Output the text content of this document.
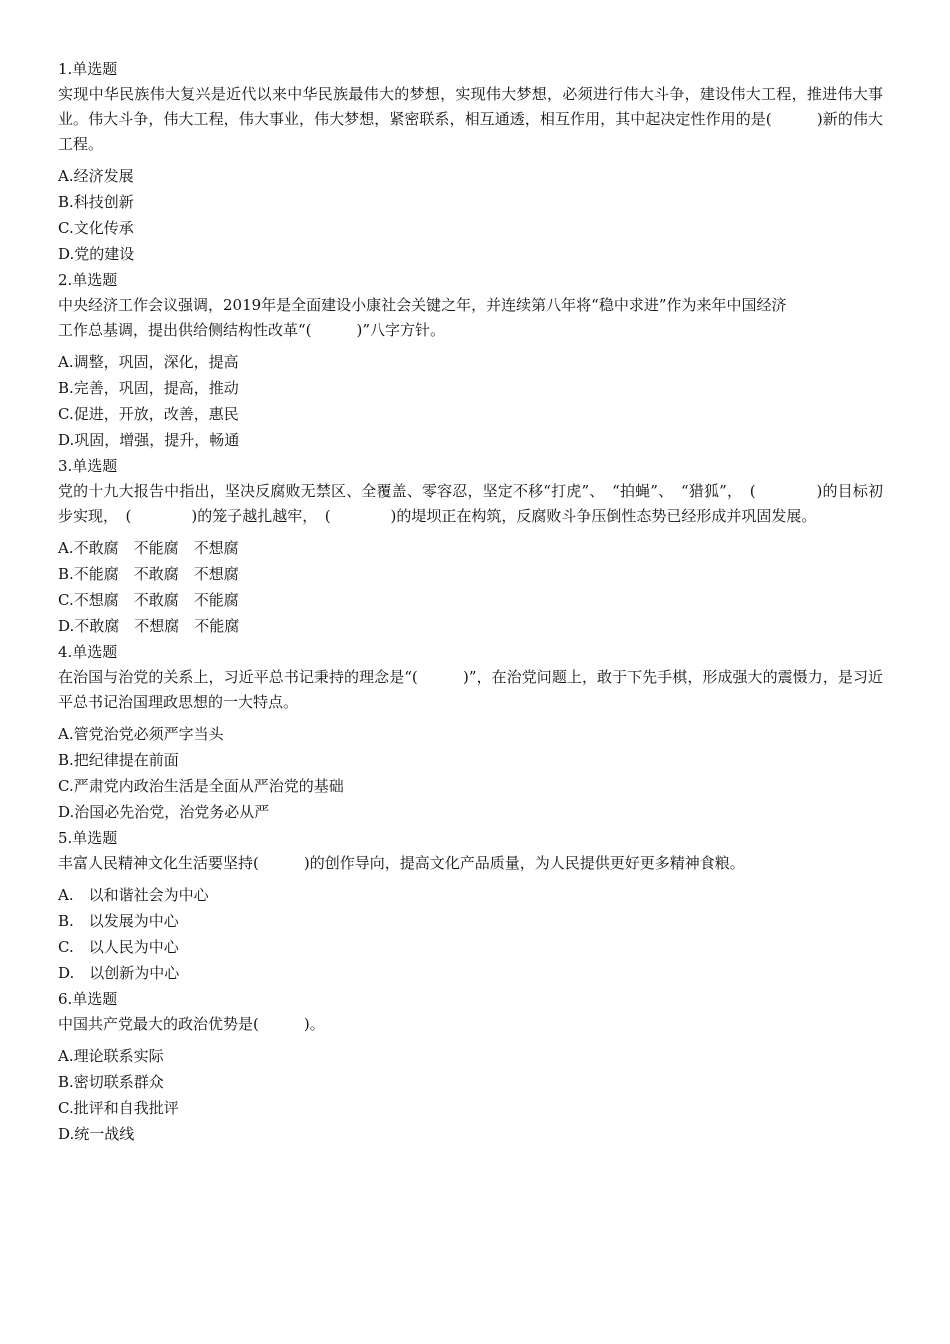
1.单选题
实现中华民族伟大复兴是近代以来中华民族最伟大的梦想，实现伟大梦想，必须进行伟大斗争，建设伟大工程，推进伟大事业。伟大斗争，伟大工程，伟大事业，伟大梦想，紧密联系，相互通透，相互作用，其中起决定性作用的是(　　　)新的伟大工程。
A.经济发展
B.科技创新
C.文化传承
D.党的建设
2.单选题
中央经济工作会议强调，2019年是全面建设小康社会关键之年，并连续第八年将“稳中求进”作为来年中国经济
工作总基调，提出供给侧结构性改革“(　　　)”八字方针。
A.调整，巩固，深化，提高
B.完善，巩固，提高，推动
C.促进，开放，改善，惠民
D.巩固，增强，提升，畅通
3.单选题
党的十九大报告中指出，坚决反腐败无禁区、全覆盖、零容忍，坚定不移“打虎”、　“拍蝇”、　“猎狐”，　(　　　　)的目标初步实现，　(　　　　)的笼子越扎越牢，　(　　　　)的堤坝正在构筑，反腐败斗争压倒性态势已经形成并巩固发展。
A.不敢腐　不能腐　不想腐
B.不能腐　不敢腐　不想腐
C.不想腐　不敢腐　不能腐
D.不敢腐　不想腐　不能腐
4.单选题
在治国与治党的关系上，习近平总书记秉持的理念是“(　　　)”，在治党问题上，敢于下先手棋，形成强大的震慑力，是习近平总书记治国理政思想的一大特点。
A.管党治党必须严字当头
B.把纪律提在前面
C.严肃党内政治生活是全面从严治党的基础
D.治国必先治党，治党务必从严
5.单选题
丰富人民精神文化生活要坚持(　　　)的创作导向，提高文化产品质量，为人民提供更好更多精神食粮。
A.　以和谐社会为中心
B.　以发展为中心
C.　以人民为中心
D.　以创新为中心
6.单选题
中国共产党最大的政治优势是(　　　)。
A.理论联系实际
B.密切联系群众
C.批评和自我批评
D.统一战线
